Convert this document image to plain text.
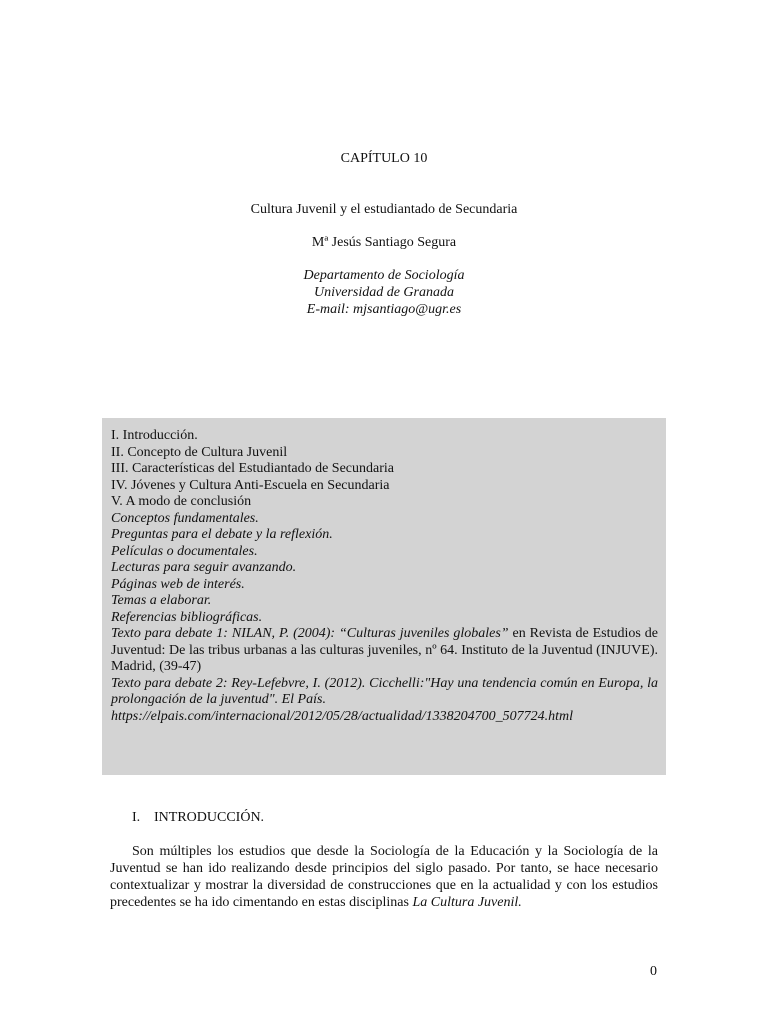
CAPÍTULO 10
Cultura Juvenil y el estudiantado de Secundaria
Mª Jesús Santiago Segura
Departamento de Sociología
Universidad de Granada
E-mail: mjsantiago@ugr.es
I. Introducción.
II. Concepto de Cultura Juvenil
III. Características del Estudiantado de Secundaria
IV. Jóvenes y Cultura Anti-Escuela en Secundaria
V. A modo de conclusión
Conceptos fundamentales.
Preguntas para el debate y la reflexión.
Películas o documentales.
Lecturas para seguir avanzando.
Páginas web de interés.
Temas a elaborar.
Referencias bibliográficas.
Texto para debate 1: NILAN, P. (2004): “Culturas juveniles globales” en Revista de Estudios de Juventud: De las tribus urbanas a las culturas juveniles, nº 64. Instituto de la Juventud (INJUVE). Madrid, (39-47)
Texto para debate 2: Rey-Lefebvre, I. (2012). Cicchelli:"Hay una tendencia común en Europa, la prolongación de la juventud". El País.
https://elpais.com/internacional/2012/05/28/actualidad/1338204700_507724.html
I. INTRODUCCIÓN.
Son múltiples los estudios que desde la Sociología de la Educación y la Sociología de la Juventud se han ido realizando desde principios del siglo pasado. Por tanto, se hace necesario contextualizar y mostrar la diversidad de construcciones que en la actualidad y con los estudios precedentes se ha ido cimentando en estas disciplinas La Cultura Juvenil.
0
